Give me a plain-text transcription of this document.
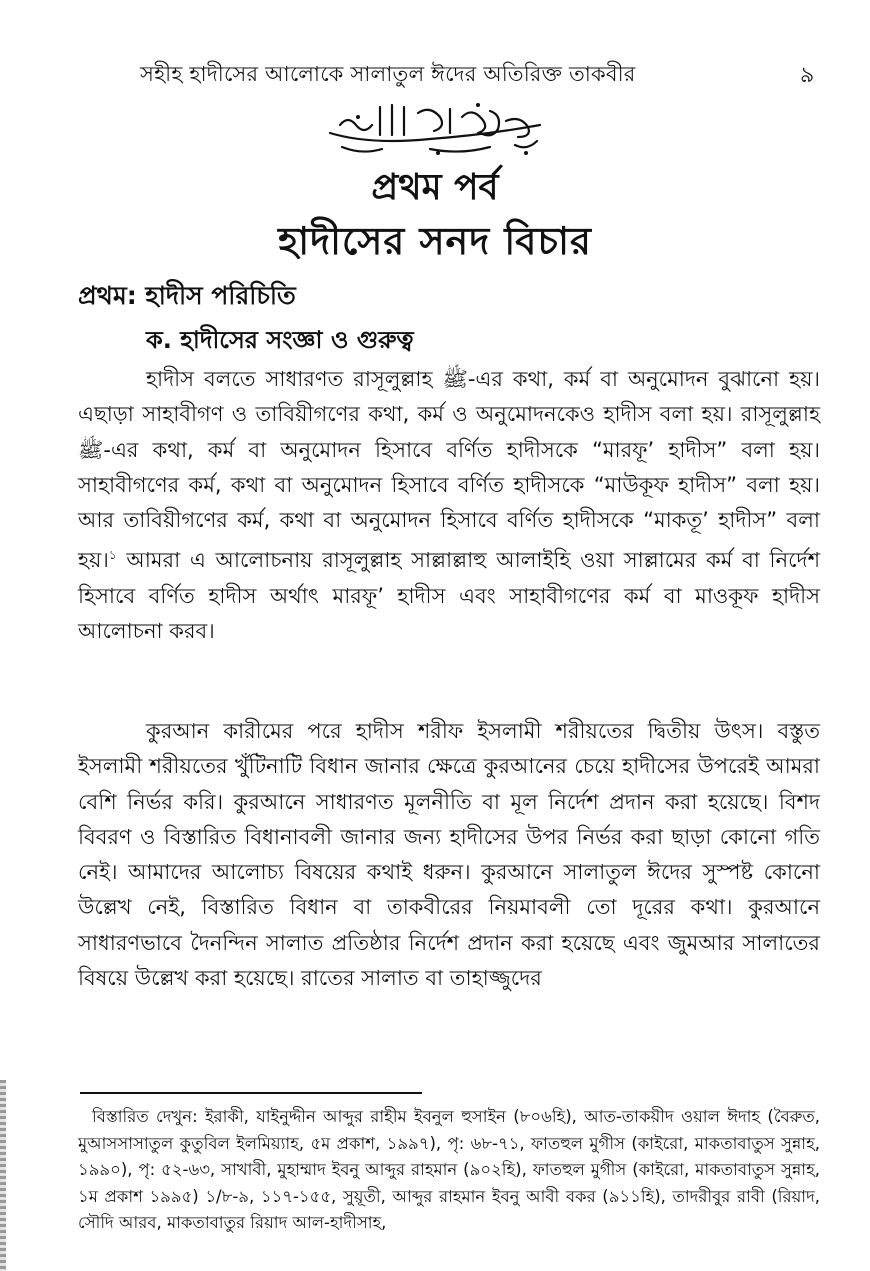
সহীহ হাদীসের আলোকে সালাতুল ঈদের অতিরিক্ত তাকবীর	৯
প্রথম পর্ব
হাদীসের সনদ বিচার
প্রথম: হাদীস পরিচিতি
ক. হাদীসের সংজ্ঞা ও গুরুত্ব

হাদীস বলতে সাধারণত রাসূলুল্লাহ ﷺ-এর কথা, কর্ম বা অনুমোদন বুঝানো হয়। এছাড়া সাহাবীগণ ও তাবিয়ীগণের কথা, কর্ম ও অনুমোদনকেও হাদীস বলা হয়। রাসূলুল্লাহ ﷺ-এর কথা, কর্ম বা অনুমোদন হিসাবে বর্ণিত হাদীসকে “মারফূ’ হাদীস” বলা হয়। সাহাবীগণের কর্ম, কথা বা অনুমোদন হিসাবে বর্ণিত হাদীসকে “মাউকূফ হাদীস” বলা হয়। আর তাবিয়ীগণের কর্ম, কথা বা অনুমোদন হিসাবে বর্ণিত হাদীসকে “মাকতূ’ হাদীস” বলা হয়।$^১$ আমরা এ আলোচনায় রাসূলুল্লাহ সাল্লাল্লাহু আলাইহি ওয়া সাল্লামের কর্ম বা নির্দেশ হিসাবে বর্ণিত হাদীস অর্থাৎ মারফূ’ হাদীস এবং সাহাবীগণের কর্ম বা মাওকূফ হাদীস আলোচনা করব।

কুরআন কারীমের পরে হাদীস শরীফ ইসলামী শরীয়তের দ্বিতীয় উৎস। বস্তুত ইসলামী শরীয়তের খুঁটিনাটি বিধান জানার ক্ষেত্রে কুরআনের চেয়ে হাদীসের উপরেই আমরা বেশি নির্ভর করি। কুরআনে সাধারণত মূলনীতি বা মূল নির্দেশ প্রদান করা হয়েছে। বিশদ বিবরণ ও বিস্তারিত বিধানাবলী জানার জন্য হাদীসের উপর নির্ভর করা ছাড়া কোনো গতি নেই। আমাদের আলোচ্য বিষয়ের কথাই ধরুন। কুরআনে সালাতুল ঈদের সুস্পষ্ট কোনো উল্লেখ নেই, বিস্তারিত বিধান বা তাকবীরের নিয়মাবলী তো দূরের কথা। কুরআনে সাধারণভাবে দৈনন্দিন সালাত প্রতিষ্ঠার নির্দেশ প্রদান করা হয়েছে এবং জুমআর সালাতের বিষয়ে উল্লেখ করা হয়েছে। রাতের সালাত বা তাহাজ্জুদের

বিস্তারিত দেখুন: ইরাকী, যাইনুদ্দীন আব্দুর রাহীম ইবনুল হুসাইন (৮০৬হি), আত-তাকয়ীদ ওয়াল ঈদাহ (বৈরুত, মুআসসাসাতুল কুতুবিল ইলমিয়্যাহ, ৫ম প্রকাশ, ১৯৯৭), পৃ: ৬৮-৭১, ফাতহুল মুগীস (কাইরো, মাকতাবাতুস সুন্নাহ, ১৯৯০), পৃ: ৫২-৬৩, সাখাবী, মুহাম্মাদ ইবনু আব্দুর রাহমান (৯০২হি), ফাতহুল মুগীস (কাইরো, মাকতাবাতুস সুন্নাহ, ১ম প্রকাশ ১৯৯৫) ১/৮-৯, ১১৭-১৫৫, সুয়ূতী, আব্দুর রাহমান ইবনু আবী বকর (৯১১হি), তাদরীবুর রাবী (রিয়াদ, সৌদি আরব, মাকতাবাতুর রিয়াদ আল-হাদীসাহ,
